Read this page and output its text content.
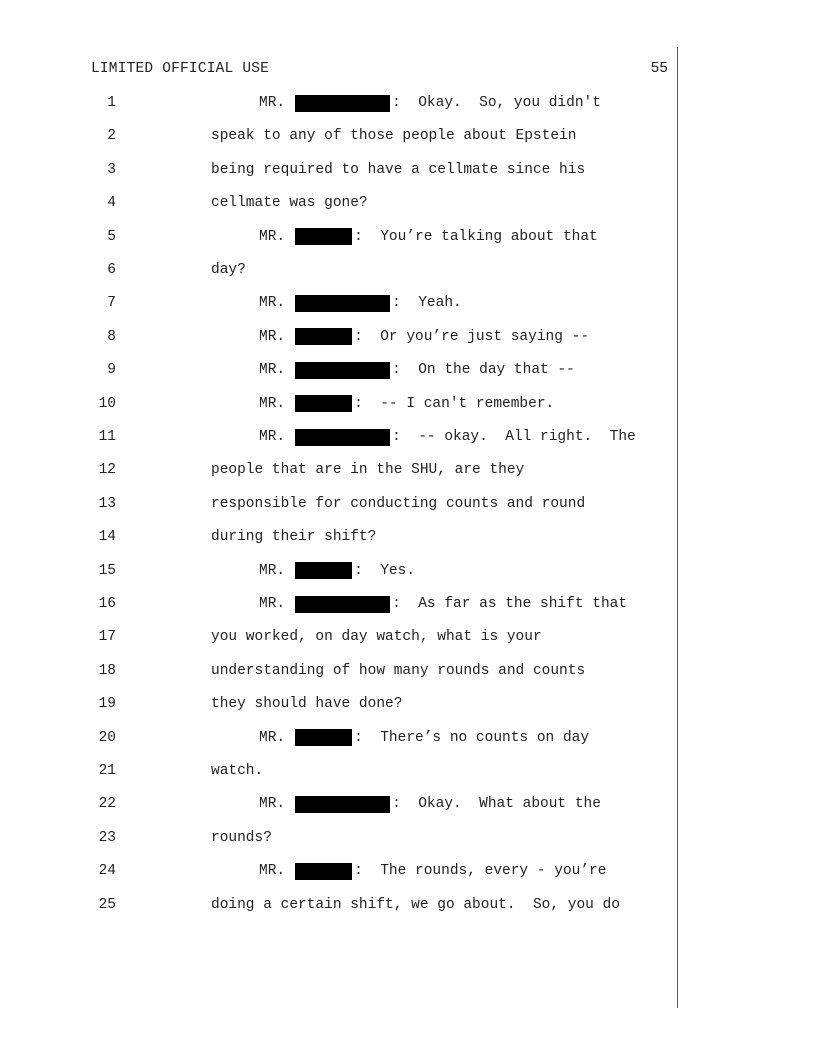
LIMITED OFFICIAL USE	55
1	MR.	:  Okay.  So, you didn't
2	speak to any of those people about Epstein
3	being required to have a cellmate since his
4	cellmate was gone?
5	MR.	:  You’re talking about that
6	day?
7	MR.	:  Yeah.
8	MR.	:  Or you’re just saying --
9	MR.	:  On the day that --
10	MR.	:  -- I can't remember.
11	MR.	:  -- okay.  All right.  The
12	people that are in the SHU, are they
13	responsible for conducting counts and round
14	during their shift?
15	MR.	:  Yes.
16	MR.	:  As far as the shift that
17	you worked, on day watch, what is your
18	understanding of how many rounds and counts
19	they should have done?
20	MR.	:  There’s no counts on day
21	watch.
22	MR.	:  Okay.  What about the
23	rounds?
24	MR.	:  The rounds, every - you’re
25	doing a certain shift, we go about.  So, you do
